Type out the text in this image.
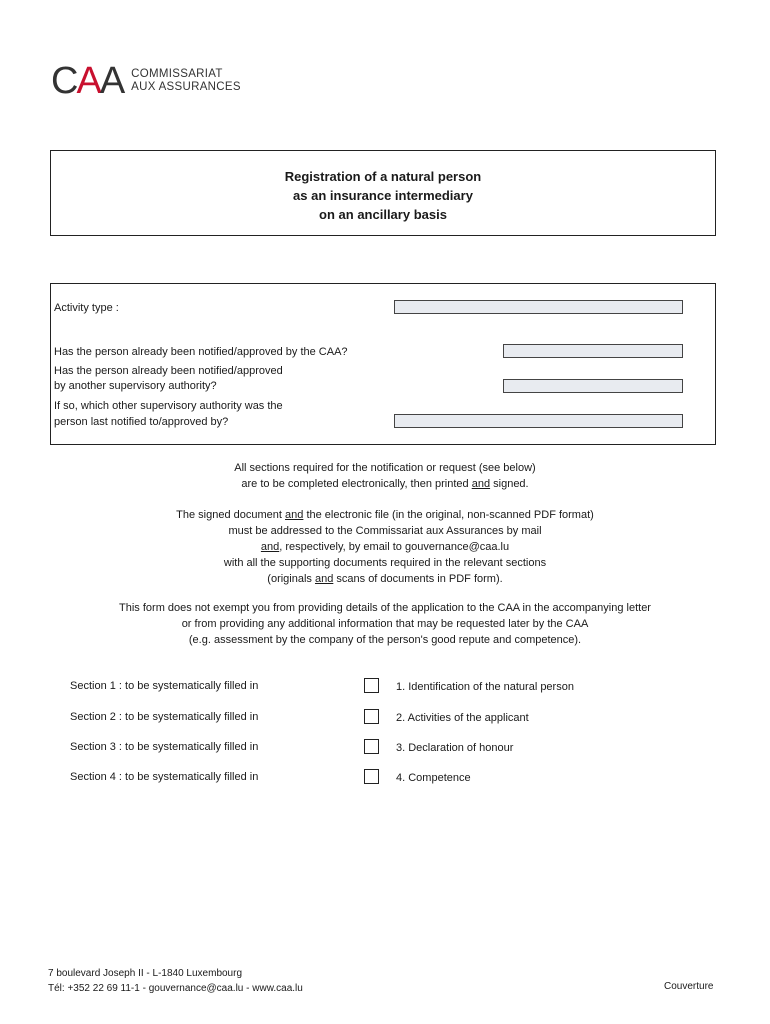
CAA COMMISSARIAT
AUX ASSURANCES
Registration of a natural person
as an insurance intermediary
on an ancillary basis
Activity type :
Has the person already been notified/approved by the CAA?
Has the person already been notified/approved
by another supervisory authority?
If so, which other supervisory authority was the
person last notified to/approved by?
All sections required for the notification or request (see below)
are to be completed electronically, then printed and signed.
The signed document and the electronic file (in the original, non-scanned PDF format)
must be addressed to the Commissariat aux Assurances by mail
and, respectively, by email to gouvernance@caa.lu
with all the supporting documents required in the relevant sections
(originals and scans of documents in PDF form).
This form does not exempt you from providing details of the application to the CAA in the accompanying letter
or from providing any additional information that may be requested later by the CAA
(e.g. assessment by the company of the person's good repute and competence).
Section 1 : to be systematically filled in	1. Identification of the natural person
Section 2 : to be systematically filled in	2. Activities of the applicant
Section 3 : to be systematically filled in	3. Declaration of honour
Section 4 : to be systematically filled in	4. Competence
7 boulevard Joseph II - L-1840 Luxembourg
Tél: +352 22 69 11-1 - gouvernance@caa.lu - www.caa.lu	Couverture
